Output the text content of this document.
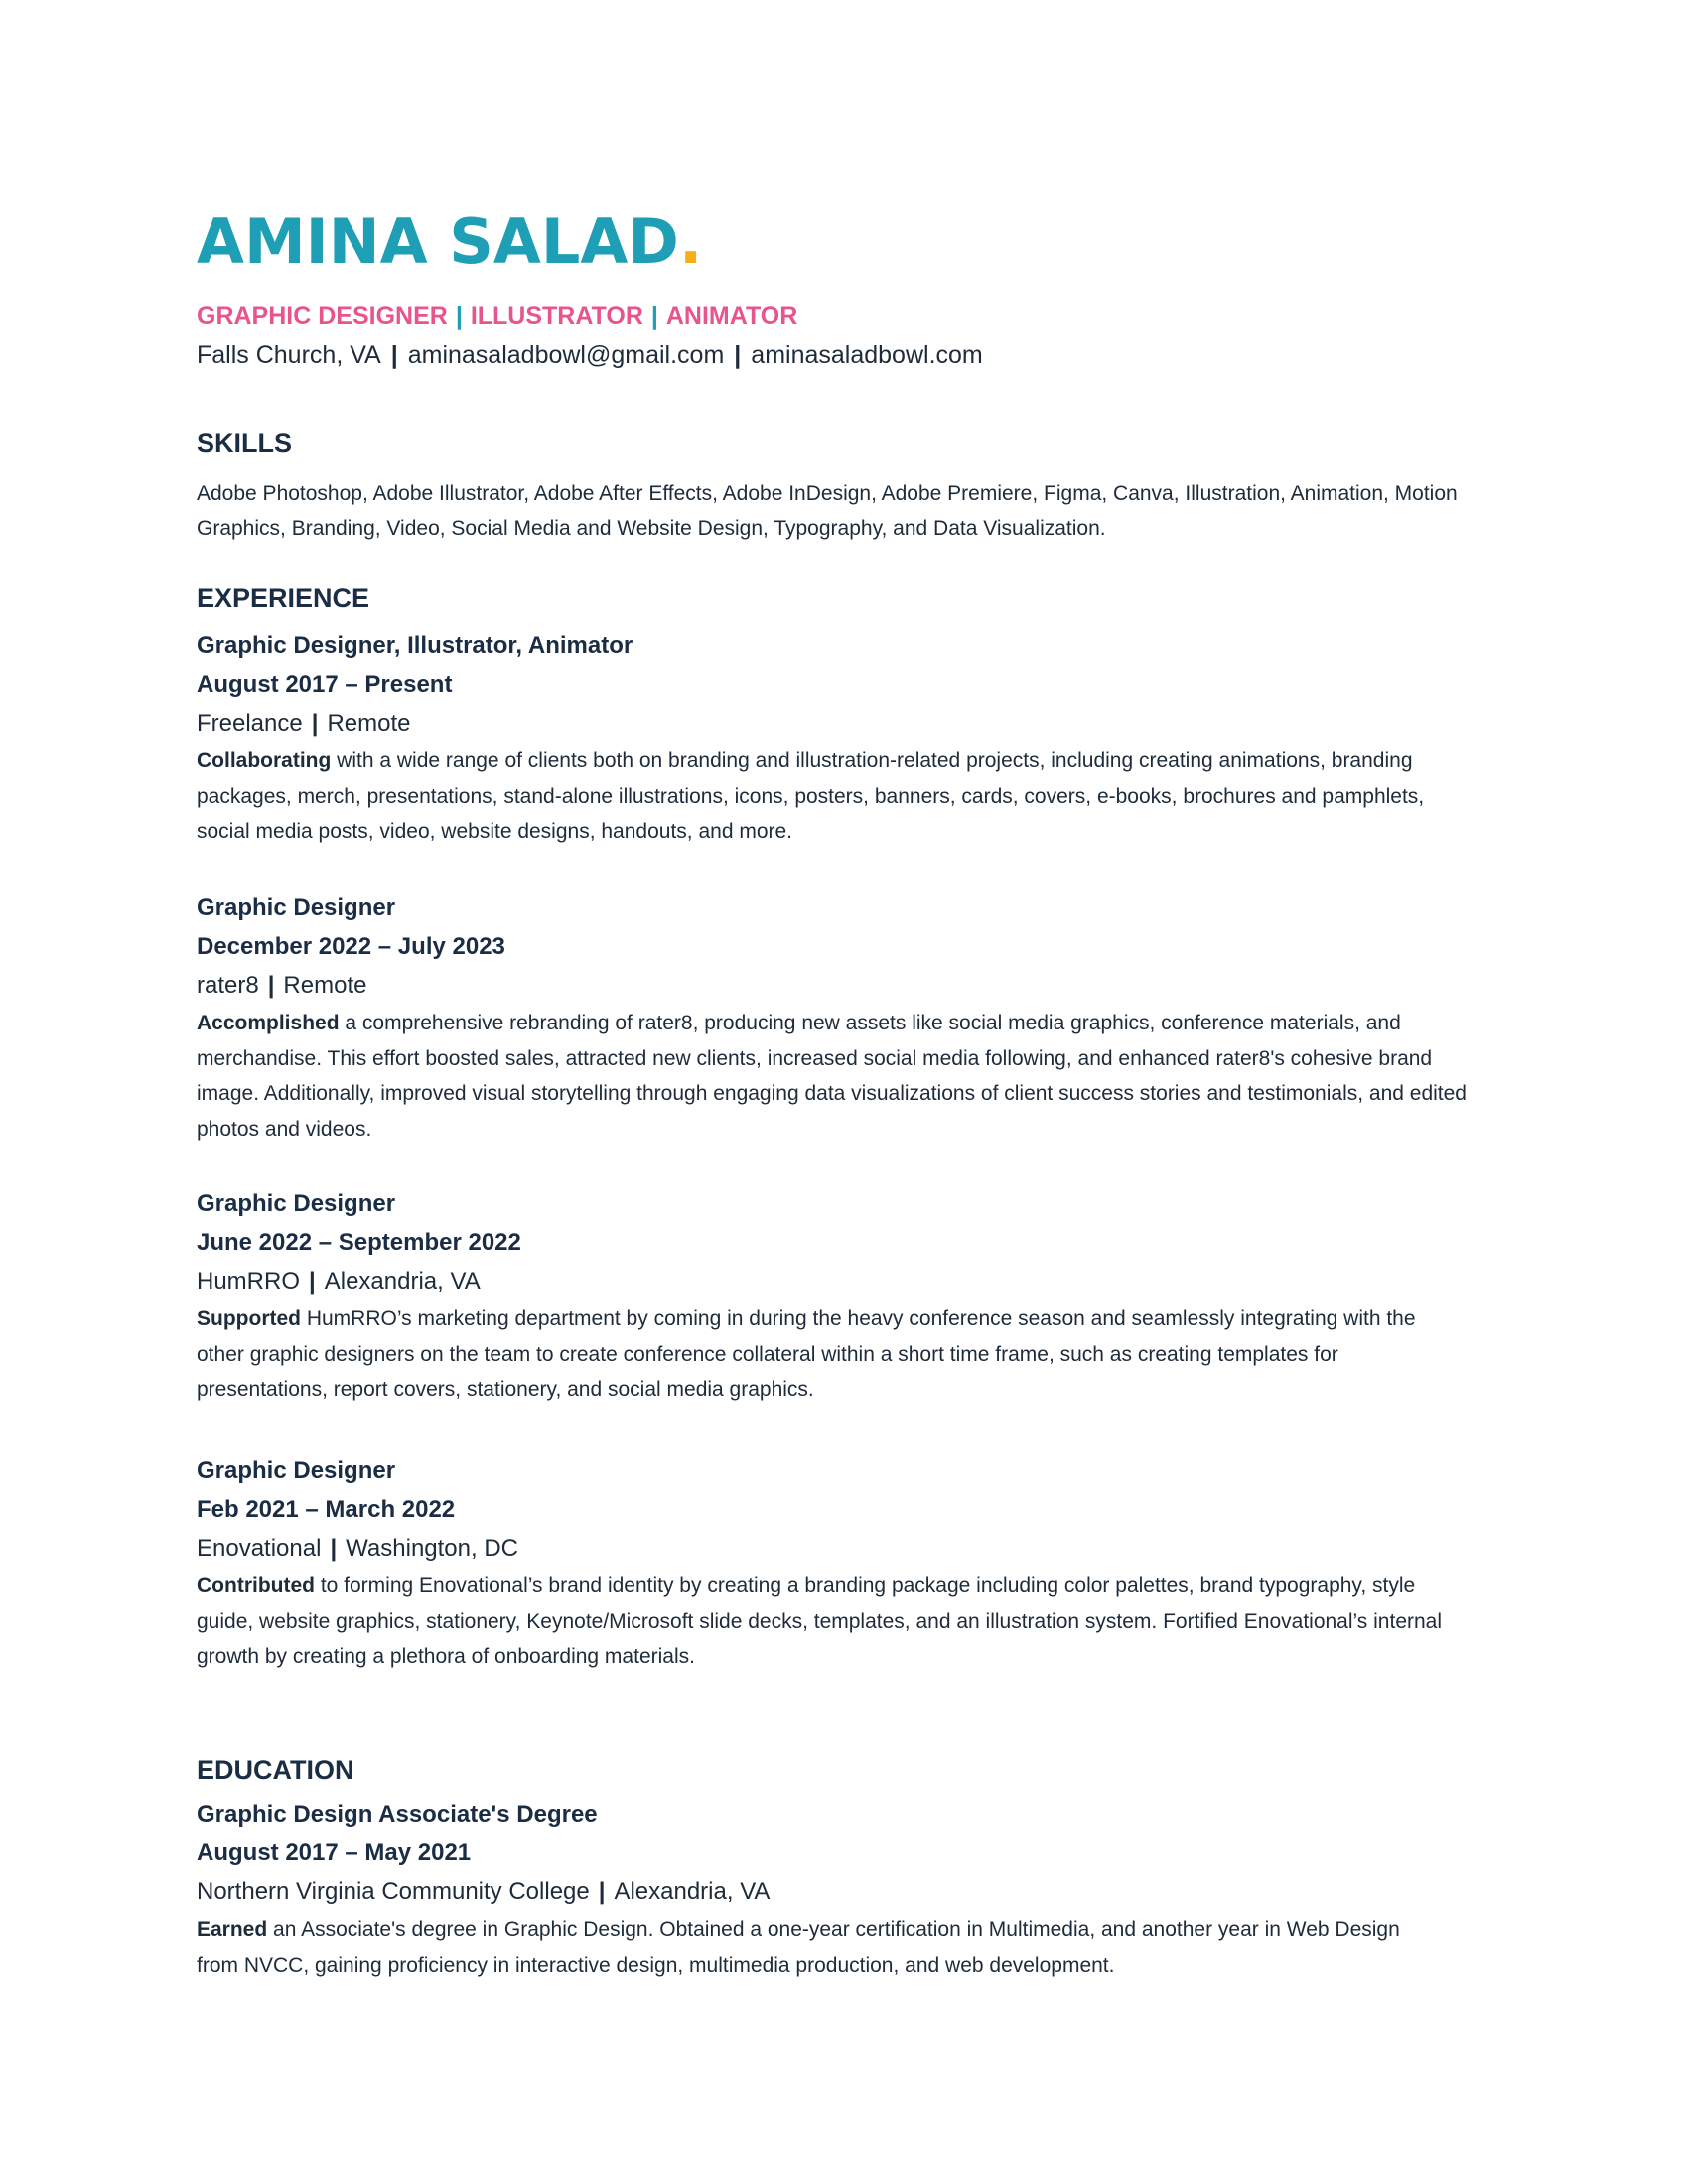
AMINA SALAD.
GRAPHIC DESIGNER | ILLUSTRATOR | ANIMATOR
Falls Church, VA | aminasaladbowl@gmail.com | aminasaladbowl.com
SKILLS
Adobe Photoshop, Adobe Illustrator, Adobe After Effects, Adobe InDesign, Adobe Premiere, Figma, Canva, Illustration, Animation, Motion Graphics, Branding, Video, Social Media and Website Design, Typography, and Data Visualization.
EXPERIENCE
Graphic Designer, Illustrator, Animator
August 2017 – Present
Freelance | Remote
Collaborating with a wide range of clients both on branding and illustration-related projects, including creating animations, branding packages, merch, presentations, stand-alone illustrations, icons, posters, banners, cards, covers, e-books, brochures and pamphlets, social media posts, video, website designs, handouts, and more.
Graphic Designer
December 2022 – July 2023
rater8 | Remote
Accomplished a comprehensive rebranding of rater8, producing new assets like social media graphics, conference materials, and merchandise. This effort boosted sales, attracted new clients, increased social media following, and enhanced rater8's cohesive brand image. Additionally, improved visual storytelling through engaging data visualizations of client success stories and testimonials, and edited photos and videos.
Graphic Designer
June 2022 – September 2022
HumRRO | Alexandria, VA
Supported HumRRO’s marketing department by coming in during the heavy conference season and seamlessly integrating with the other graphic designers on the team to create conference collateral within a short time frame, such as creating templates for presentations, report covers, stationery, and social media graphics.
Graphic Designer
Feb 2021 – March 2022
Enovational | Washington, DC
Contributed to forming Enovational’s brand identity by creating a branding package including color palettes, brand typography, style guide, website graphics, stationery, Keynote/Microsoft slide decks, templates, and an illustration system. Fortified Enovational’s internal growth by creating a plethora of onboarding materials.
EDUCATION
Graphic Design Associate's Degree
August 2017 – May 2021
Northern Virginia Community College | Alexandria, VA
Earned an Associate's degree in Graphic Design. Obtained a one-year certification in Multimedia, and another year in Web Design from NVCC, gaining proficiency in interactive design, multimedia production, and web development.
